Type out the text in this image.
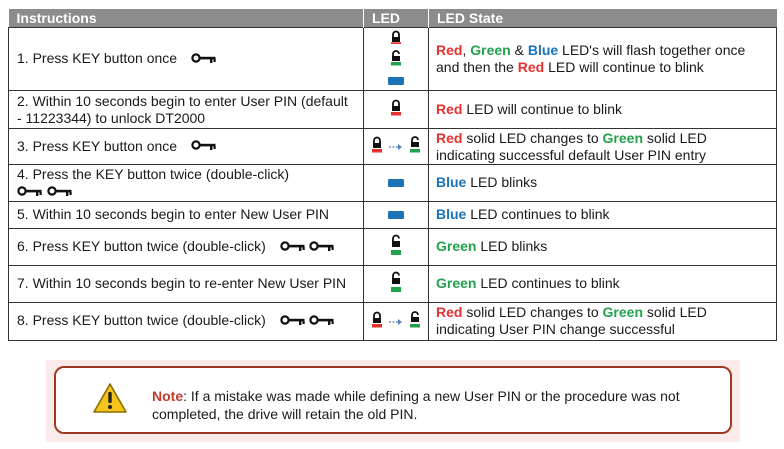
Instructions	LED	LED State
1. Press KEY button once		Red, Green & Blue LED's will flash together once and then the Red LED will continue to blink
2. Within 10 seconds begin to enter User PIN (default - 11223344) to unlock DT2000		Red LED will continue to blink
3. Press KEY button once		Red solid LED changes to Green solid LED indicating successful default User PIN entry
4. Press the KEY button twice (double-click)		Blue LED blinks
5. Within 10 seconds begin to enter New User PIN		Blue LED continues to blink
6. Press KEY button twice (double-click)		Green LED blinks
7. Within 10 seconds begin to re-enter New User PIN		Green LED continues to blink
8. Press KEY button twice (double-click)		Red solid LED changes to Green solid LED indicating User PIN change successful
Note: If a mistake was made while defining a new User PIN or the procedure was not completed, the drive will retain the old PIN.
